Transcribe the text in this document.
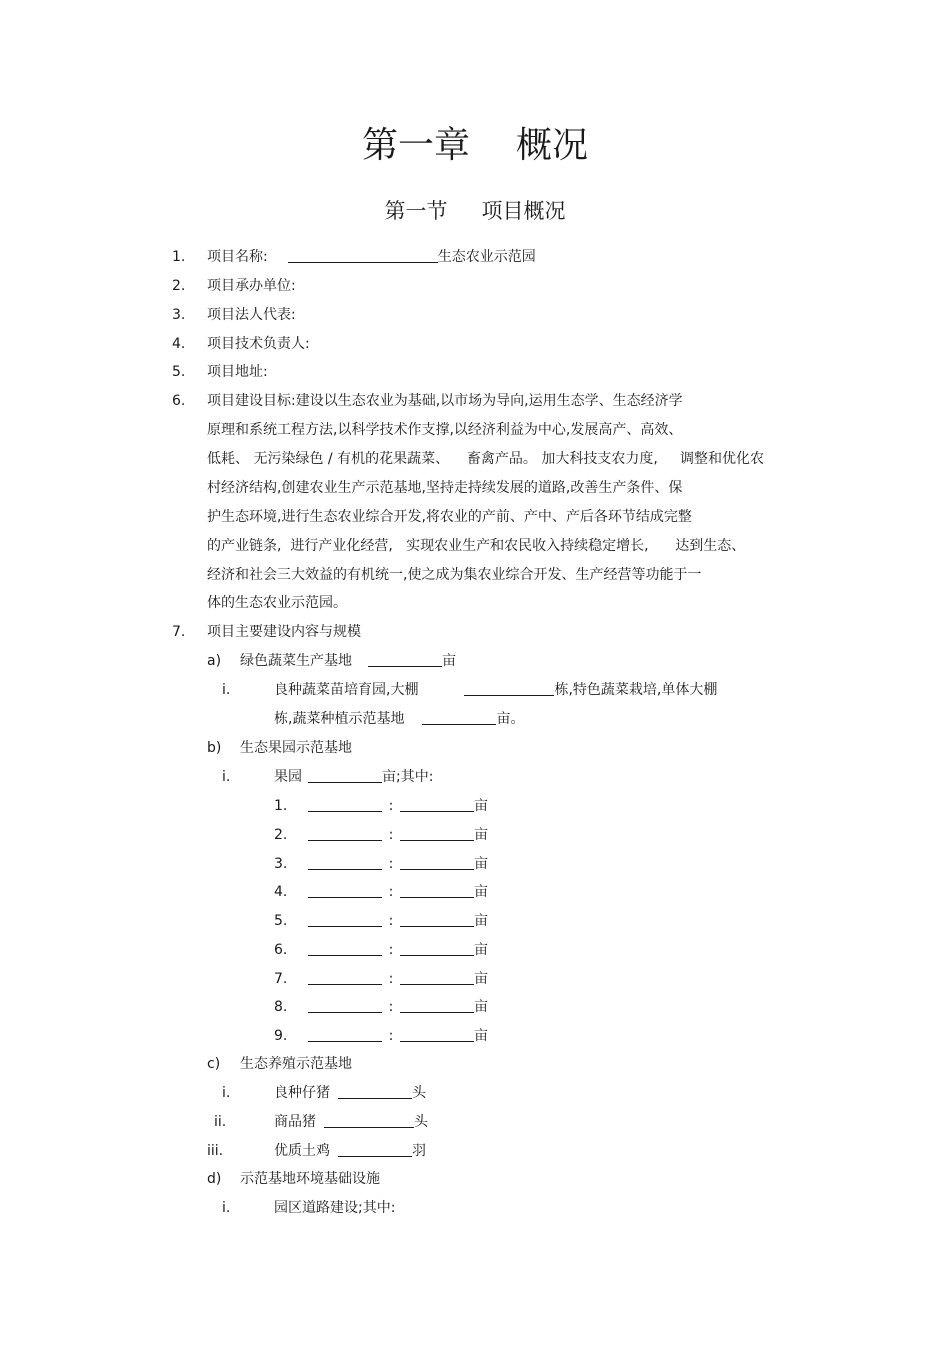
第一章 概况
第一节 项目概况
1. 项目名称:	生态农业示范园
2. 项目承办单位:
3. 项目法人代表:
4. 项目技术负责人:
5. 项目地址:
6. 项目建设目标:建设以生态农业为基础,以市场为导向,运用生态学、生态经济学
原理和系统工程方法,以科学技术作支撑,以经济利益为中心,发展高产、高效、
低耗、 无污染绿色 / 有机的花果蔬菜、    畜禽产品。 加大科技支农力度,     调整和优化农
村经济结构,创建农业生产示范基地,坚持走持续发展的道路,改善生产条件、保
护生态环境,进行生态农业综合开发,将农业的产前、产中、产后各环节结成完整
的产业链条,  进行产业化经营,   实现农业生产和农民收入持续稳定增长,      达到生态、
经济和社会三大效益的有机统一,使之成为集农业综合开发、生产经营等功能于一
体的生态农业示范园。
7. 项目主要建设内容与规模
a) 绿色蔬菜生产基地	亩
i.	良种蔬菜苗培育园,大棚	栋,特色蔬菜栽培,单体大棚
栋,蔬菜种植示范基地	亩。
b) 生态果园示范基地
i.	果园	亩;其中:
1.	:	亩
2.	:	亩
3.	:	亩
4.	:	亩
5.	:	亩
6.	:	亩
7.	:	亩
8.	:	亩
9.	:	亩
c) 生态养殖示范基地
i.	良种仔猪	头
ii.	商品猪	头
iii.	优质土鸡	羽
d) 示范基地环境基础设施
i.	园区道路建设;其中:
